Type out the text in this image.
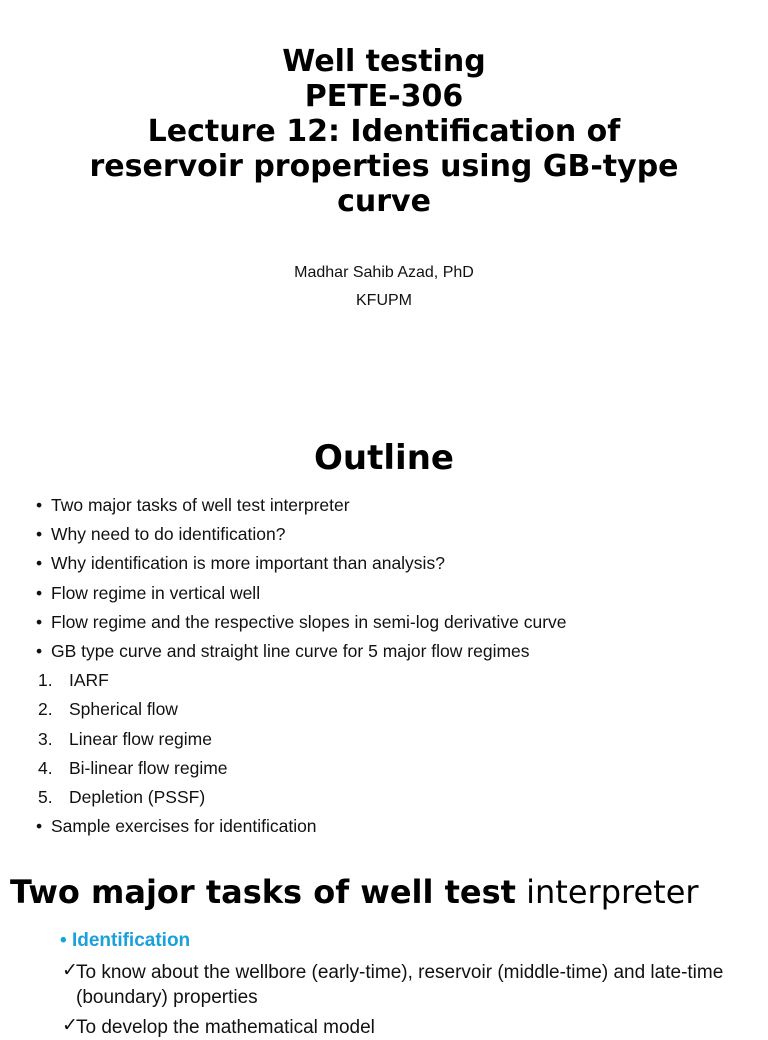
Well testing
PETE-306
Lecture 12: Identification of
reservoir properties using GB-type
curve
Madhar Sahib Azad, PhD
KFUPM
Outline
• Two major tasks of well test interpreter
• Why need to do identification?
• Why identification is more important than analysis?
• Flow regime in vertical well
• Flow regime and the respective slopes in semi-log derivative curve
• GB type curve and straight line curve for 5 major flow regimes
1. IARF
2. Spherical flow
3. Linear flow regime
4. Bi-linear flow regime
5. Depletion (PSSF)
• Sample exercises for identification
Two major tasks of well test interpreter
• Identification
✓
To know about the wellbore (early-time), reservoir (middle-time) and late-time (boundary) properties
✓
To develop the mathematical model
